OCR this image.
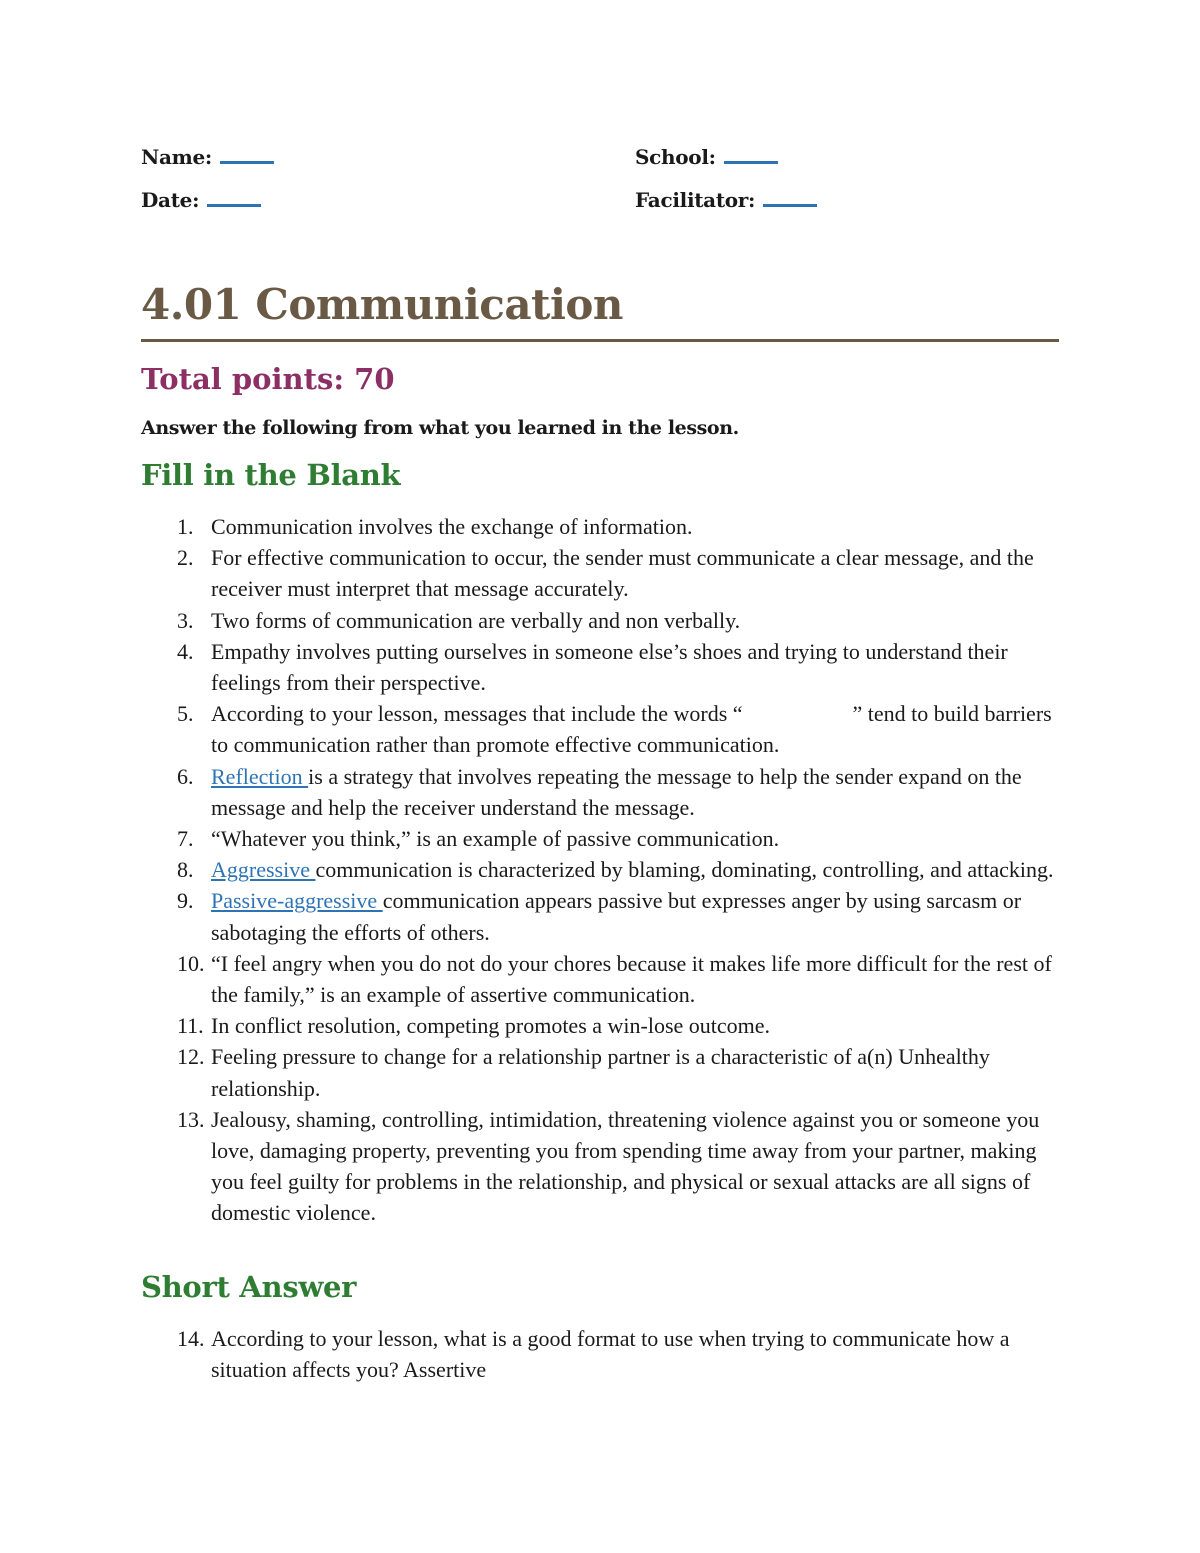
Name:	School:
Date:	Facilitator:
4.01 Communication
Total points: 70
Answer the following from what you learned in the lesson.
Fill in the Blank
1. Communication involves the exchange of information.
2. For effective communication to occur, the sender must communicate a clear message, and the receiver must interpret that message accurately.
3. Two forms of communication are verbally and non verbally.
4. Empathy involves putting ourselves in someone else’s shoes and trying to understand their feelings from their perspective.
5. According to your lesson, messages that include the words “                    ” tend to build barriers to communication rather than promote effective communication.
6. Reflection is a strategy that involves repeating the message to help the sender expand on the message and help the receiver understand the message.
7. “Whatever you think,” is an example of passive communication.
8. Aggressive communication is characterized by blaming, dominating, controlling, and attacking.
9. Passive-aggressive communication appears passive but expresses anger by using sarcasm or sabotaging the efforts of others.
10. “I feel angry when you do not do your chores because it makes life more difficult for the rest of the family,” is an example of assertive communication.
11. In conflict resolution, competing promotes a win-lose outcome.
12. Feeling pressure to change for a relationship partner is a characteristic of a(n) Unhealthy relationship.
13. Jealousy, shaming, controlling, intimidation, threatening violence against you or someone you love, damaging property, preventing you from spending time away from your partner, making you feel guilty for problems in the relationship, and physical or sexual attacks are all signs of domestic violence.
Short Answer
14. According to your lesson, what is a good format to use when trying to communicate how a situation affects you? Assertive
